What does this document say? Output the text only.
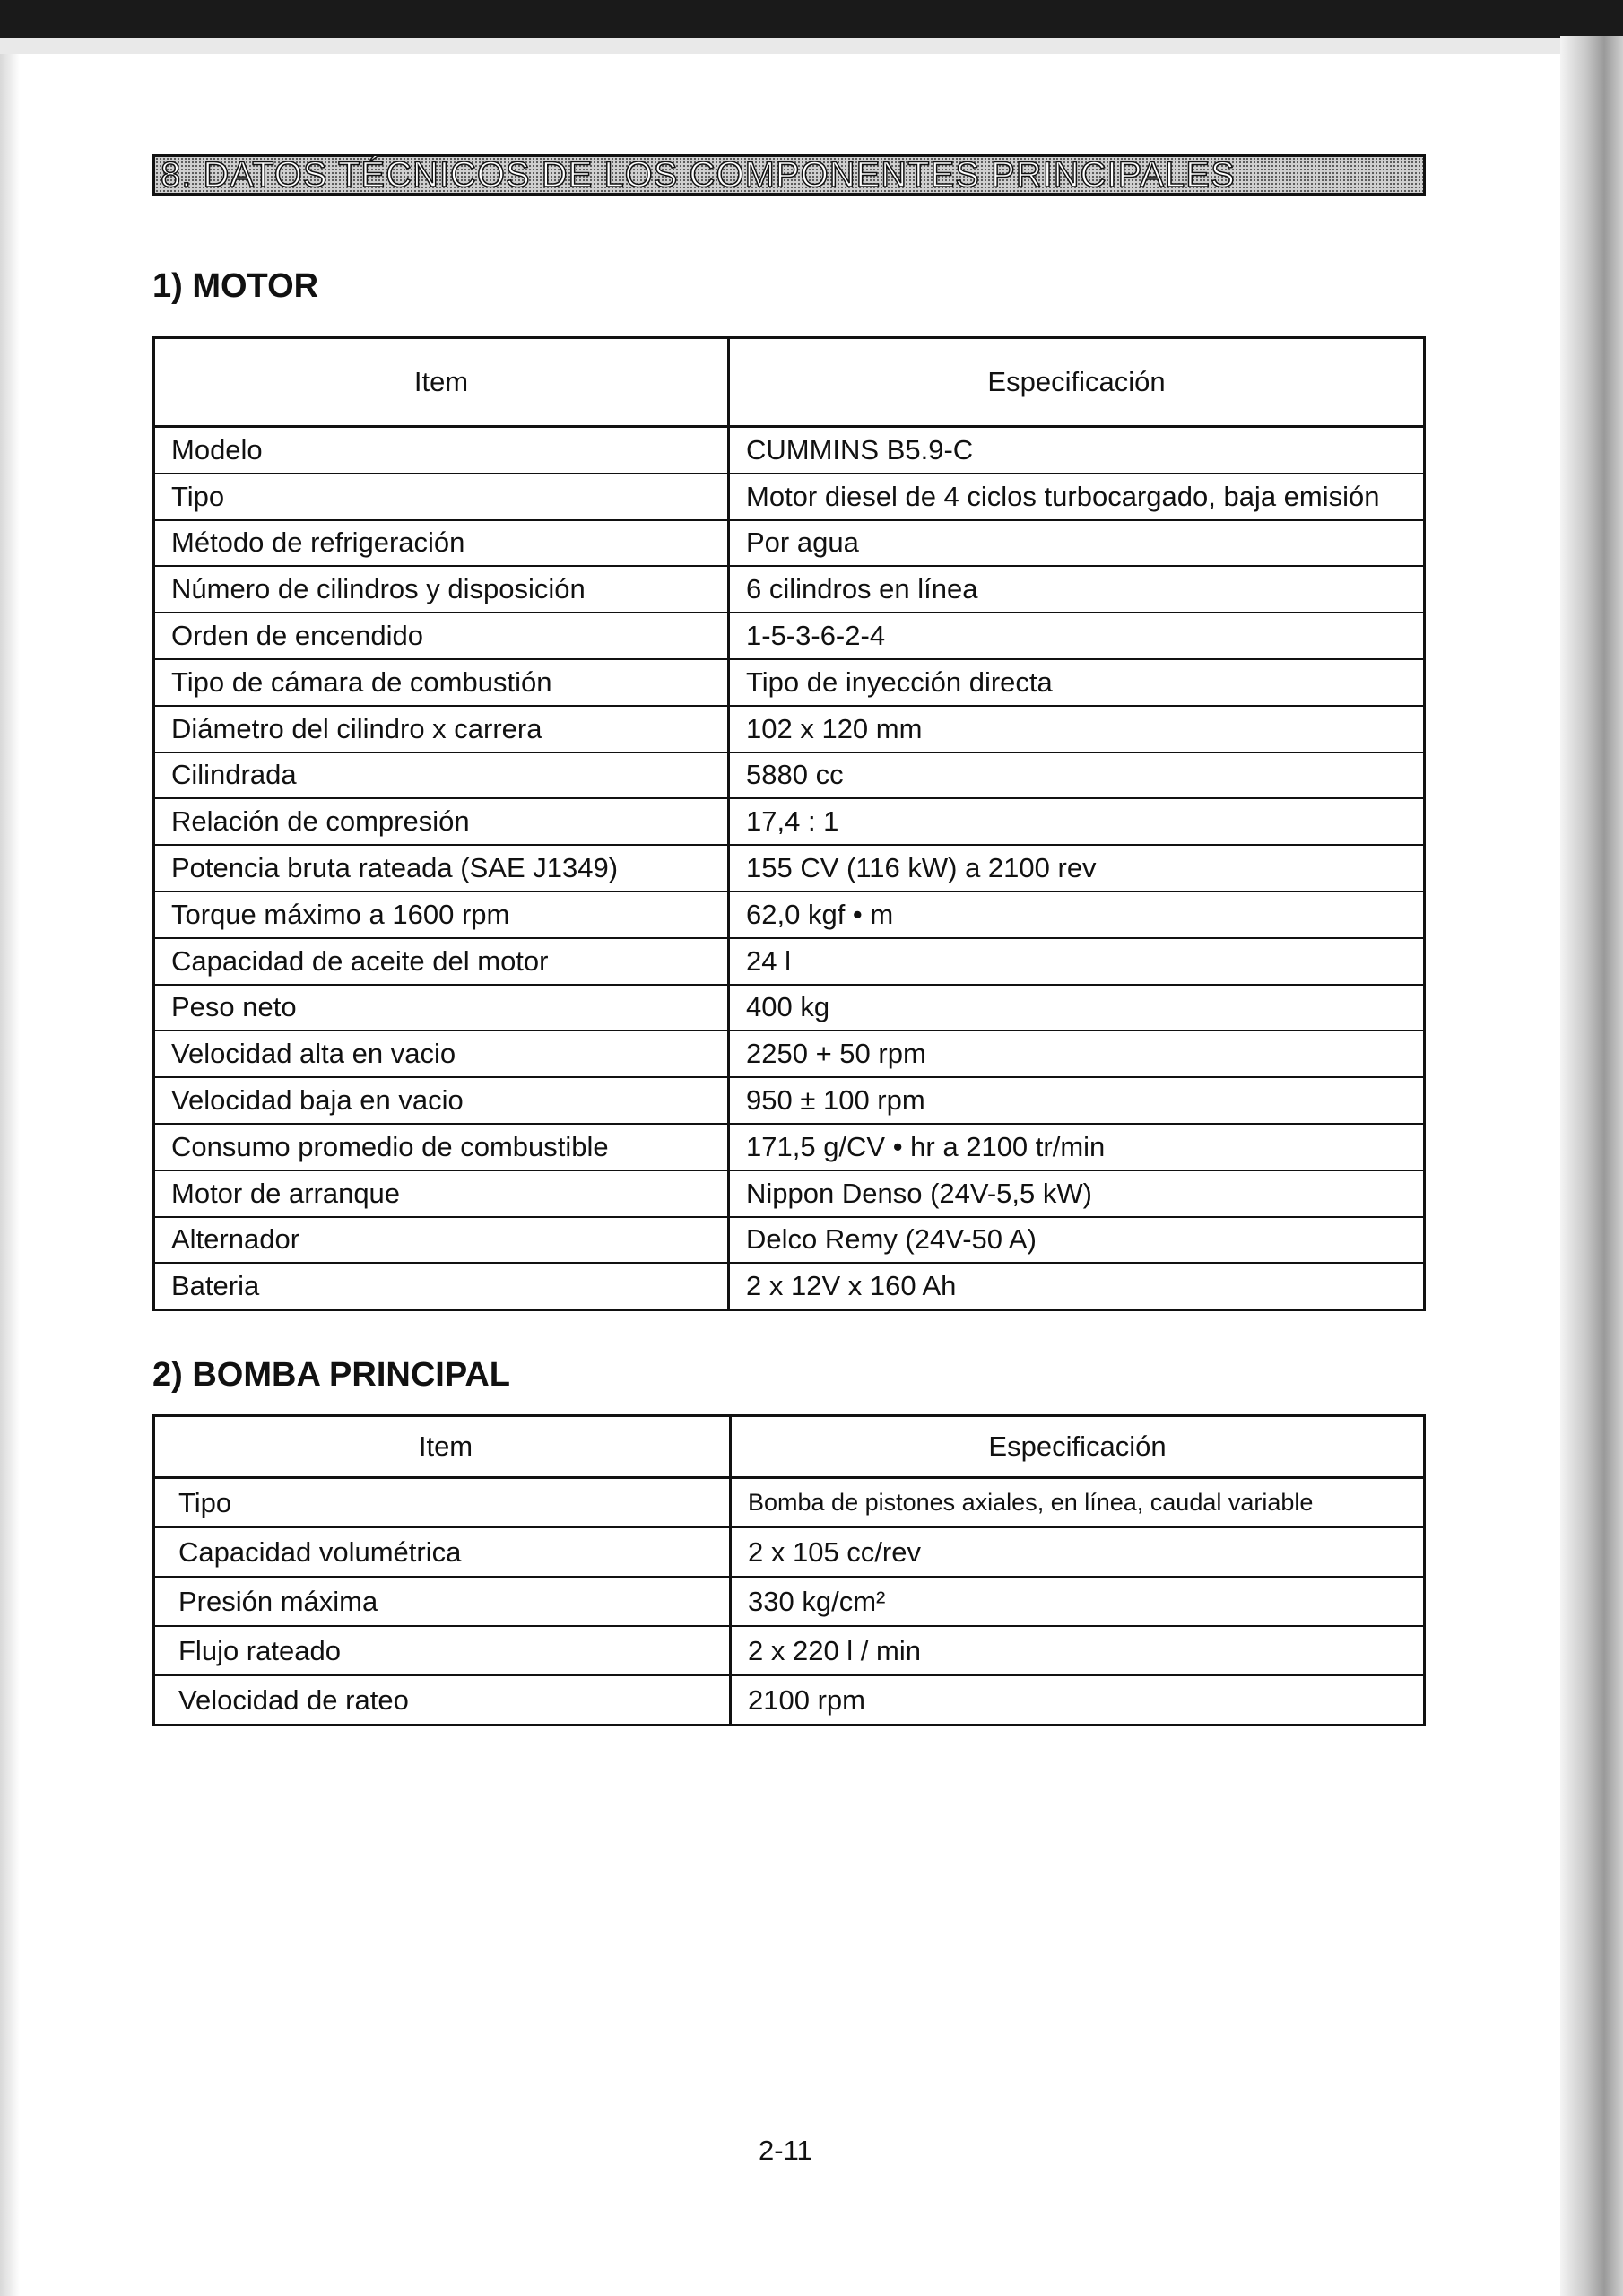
8. DATOS TÉCNICOS DE LOS COMPONENTES PRINCIPALES
1) MOTOR
Item	Especificación
Modelo	CUMMINS B5.9-C
Tipo	Motor diesel de 4 ciclos turbocargado, baja emisión
Método de refrigeración	Por agua
Número de cilindros y disposición	6 cilindros en línea
Orden de encendido	1-5-3-6-2-4
Tipo de cámara de combustión	Tipo de inyección directa
Diámetro del cilindro x carrera	102 x 120 mm
Cilindrada	5880 cc
Relación de compresión	17,4 : 1
Potencia bruta rateada (SAE J1349)	155 CV (116 kW) a 2100 rev
Torque máximo a 1600 rpm	62,0 kgf • m
Capacidad de aceite del motor	24 l
Peso neto	400 kg
Velocidad alta en vacio	2250 + 50 rpm
Velocidad baja en vacio	950 ± 100 rpm
Consumo promedio de combustible	171,5 g/CV • hr a 2100 tr/min
Motor de arranque	Nippon Denso (24V-5,5 kW)
Alternador	Delco Remy (24V-50 A)
Bateria	2 x 12V x 160 Ah
2) BOMBA PRINCIPAL
Item	Especificación
Tipo	Bomba de pistones axiales, en línea, caudal variable
Capacidad volumétrica	2 x 105 cc/rev
Presión máxima	330 kg/cm²
Flujo rateado	2 x 220 l / min
Velocidad de rateo	2100 rpm
2-11
